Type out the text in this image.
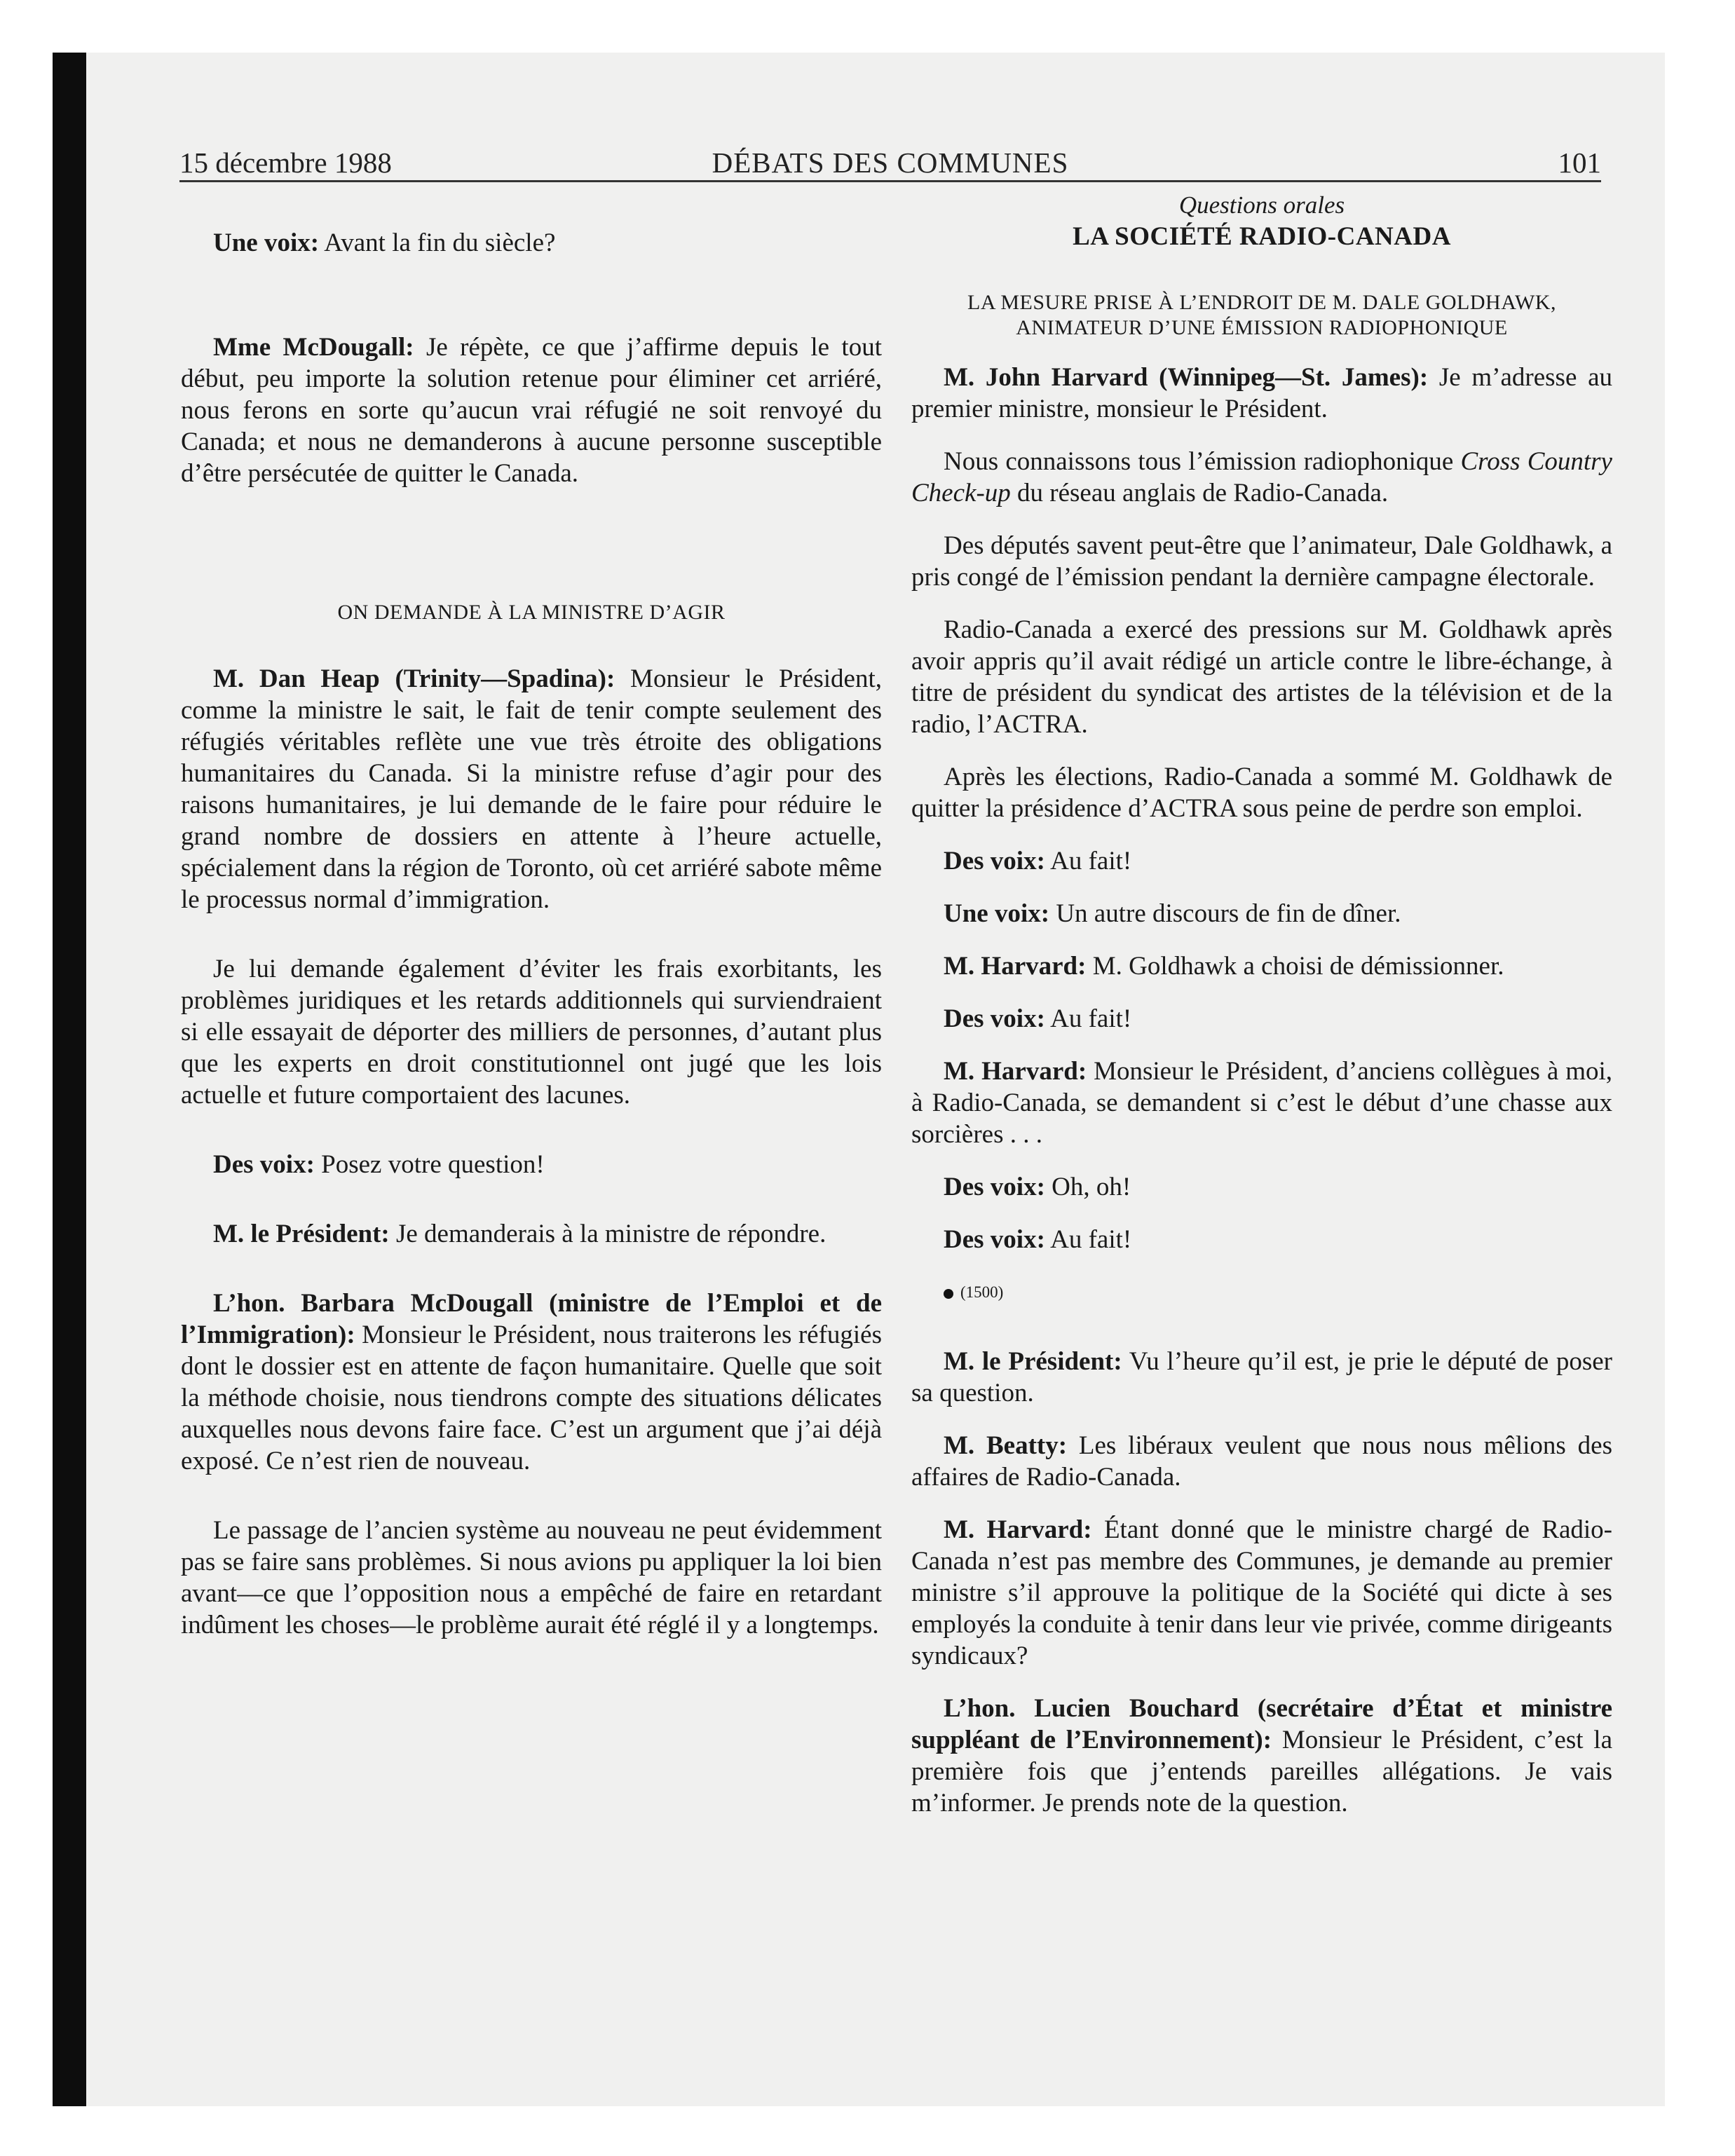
15 décembre 1988	DÉBATS DES COMMUNES	101

Une voix: Avant la fin du siècle?

Mme McDougall: Je répète, ce que j’affirme depuis le tout début, peu importe la solution retenue pour éliminer cet arriéré, nous ferons en sorte qu’aucun vrai réfugié ne soit renvoyé du Canada; et nous ne demanderons à aucune personne susceptible d’être persécutée de quitter le Canada.

ON DEMANDE À LA MINISTRE D’AGIR

M. Dan Heap (Trinity—Spadina): Monsieur le Président, comme la ministre le sait, le fait de tenir compte seulement des réfugiés véritables reflète une vue très étroite des obligations humanitaires du Canada. Si la ministre refuse d’agir pour des raisons humanitaires, je lui demande de le faire pour réduire le grand nombre de dossiers en attente à l’heure actuelle, spécialement dans la région de Toronto, où cet arriéré sabote même le processus normal d’immigration.

Je lui demande également d’éviter les frais exorbitants, les problèmes juridiques et les retards additionnels qui surviendraient si elle essayait de déporter des milliers de personnes, d’autant plus que les experts en droit constitutionnel ont jugé que les lois actuelle et future comportaient des lacunes.

Des voix: Posez votre question!

M. le Président: Je demanderais à la ministre de répondre.

L’hon. Barbara McDougall (ministre de l’Emploi et de l’Immigration): Monsieur le Président, nous traiterons les réfugiés dont le dossier est en attente de façon humanitaire. Quelle que soit la méthode choisie, nous tiendrons compte des situations délicates auxquelles nous devons faire face. C’est un argument que j’ai déjà exposé. Ce n’est rien de nouveau.

Le passage de l’ancien système au nouveau ne peut évidemment pas se faire sans problèmes. Si nous avions pu appliquer la loi bien avant—ce que l’opposition nous a empêché de faire en retardant indûment les choses—le problème aurait été réglé il y a longtemps.

Questions orales

LA SOCIÉTÉ RADIO-CANADA

LA MESURE PRISE À L’ENDROIT DE M. DALE GOLDHAWK,
ANIMATEUR D’UNE ÉMISSION RADIOPHONIQUE

M. John Harvard (Winnipeg—St. James): Je m’adresse au premier ministre, monsieur le Président.

Nous connaissons tous l’émission radiophonique Cross Country Check-up du réseau anglais de Radio-Canada.

Des députés savent peut-être que l’animateur, Dale Goldhawk, a pris congé de l’émission pendant la dernière campagne électorale.

Radio-Canada a exercé des pressions sur M. Goldhawk après avoir appris qu’il avait rédigé un article contre le libre-échange, à titre de président du syndicat des artistes de la télévision et de la radio, l’ACTRA.

Après les élections, Radio-Canada a sommé M. Goldhawk de quitter la présidence d’ACTRA sous peine de perdre son emploi.

Des voix: Au fait!

Une voix: Un autre discours de fin de dîner.

M. Harvard: M. Goldhawk a choisi de démissionner.

Des voix: Au fait!

M. Harvard: Monsieur le Président, d’anciens collègues à moi, à Radio-Canada, se demandent si c’est le début d’une chasse aux sorcières . . .

Des voix: Oh, oh!

Des voix: Au fait!

(1500)

M. le Président: Vu l’heure qu’il est, je prie le député de poser sa question.

M. Beatty: Les libéraux veulent que nous nous mêlions des affaires de Radio-Canada.

M. Harvard: Étant donné que le ministre chargé de Radio-Canada n’est pas membre des Communes, je demande au premier ministre s’il approuve la politique de la Société qui dicte à ses employés la conduite à tenir dans leur vie privée, comme dirigeants syndicaux?

L’hon. Lucien Bouchard (secrétaire d’État et ministre suppléant de l’Environnement): Monsieur le Président, c’est la première fois que j’entends pareilles allégations. Je vais m’informer. Je prends note de la question.
